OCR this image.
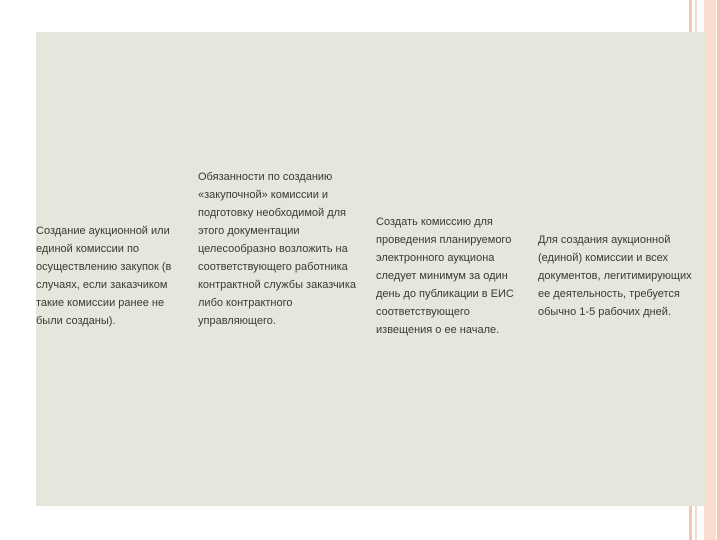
Создание аукционной или
единой комиссии по
осуществлению закупок (в
случаях, если заказчиком
такие комиссии ранее не
были созданы).
Обязанности по созданию
«закупочной» комиссии и
подготовку необходимой для
этого документации
целесообразно возложить на
соответствующего работника
контрактной службы заказчика
либо контрактного
управляющего.
Создать комиссию для
проведения планируемого
электронного аукциона
следует минимум за один
день до публикации в ЕИС
соответствующего
извещения о ее начале.
Для создания аукционной
(единой) комиссии и всех
документов, легитимирующих
ее деятельность, требуется
обычно 1-5 рабочих дней.
